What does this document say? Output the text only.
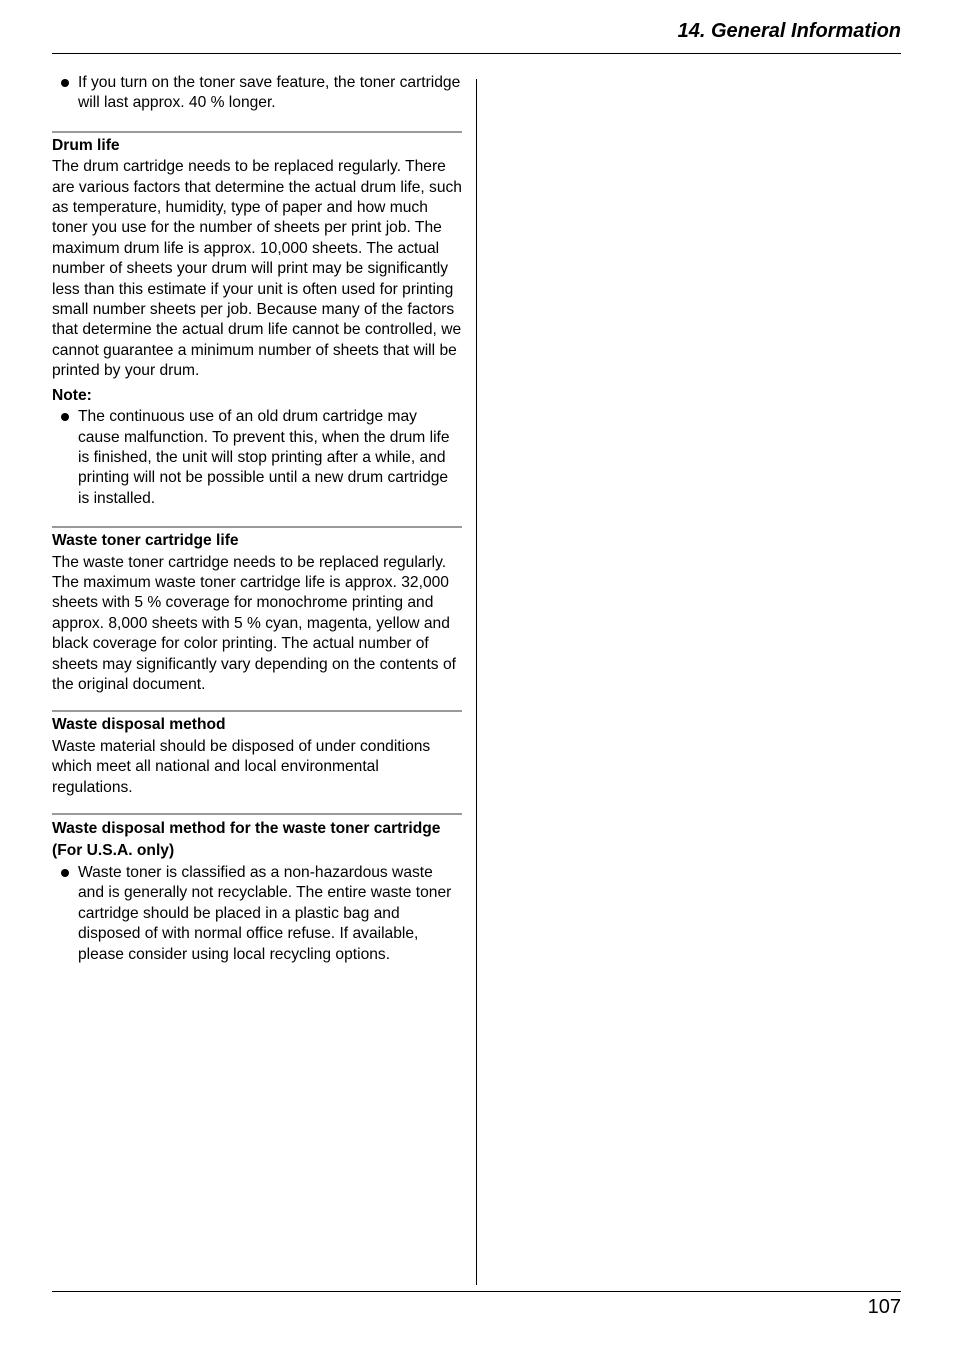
14. General Information

If you turn on the toner save feature, the toner cartridge will last approx. 40 % longer.

Drum life

The drum cartridge needs to be replaced regularly. There are various factors that determine the actual drum life, such as temperature, humidity, type of paper and how much toner you use for the number of sheets per print job. The maximum drum life is approx. 10,000 sheets. The actual number of sheets your drum will print may be significantly less than this estimate if your unit is often used for printing small number sheets per job. Because many of the factors that determine the actual drum life cannot be controlled, we cannot guarantee a minimum number of sheets that will be printed by your drum.

Note:

The continuous use of an old drum cartridge may cause malfunction. To prevent this, when the drum life is finished, the unit will stop printing after a while, and printing will not be possible until a new drum cartridge is installed.

Waste toner cartridge life

The waste toner cartridge needs to be replaced regularly. The maximum waste toner cartridge life is approx. 32,000 sheets with 5 % coverage for monochrome printing and approx. 8,000 sheets with 5 % cyan, magenta, yellow and black coverage for color printing. The actual number of sheets may significantly vary depending on the contents of the original document.

Waste disposal method

Waste material should be disposed of under conditions which meet all national and local environmental regulations.

Waste disposal method for the waste toner cartridge (For U.S.A. only)

Waste toner is classified as a non-hazardous waste and is generally not recyclable. The entire waste toner cartridge should be placed in a plastic bag and disposed of with normal office refuse. If available, please consider using local recycling options.

107
